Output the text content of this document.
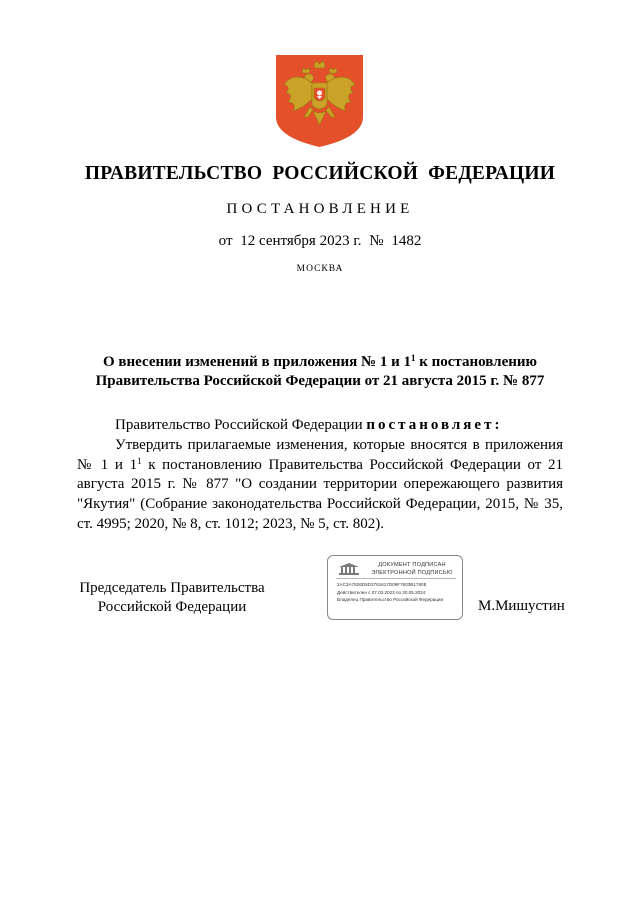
ПРАВИТЕЛЬСТВО РОССИЙСКОЙ ФЕДЕРАЦИИ
ПОСТАНОВЛЕНИЕ
от 12 сентября 2023 г. № 1482
МОСКВА
О внесении изменений в приложения № 1 и $1^1$ к постановлению
Правительства Российской Федерации от 21 августа 2015 г. № 877

Правительство Российской Федерации постановляет:

Утвердить прилагаемые изменения, которые вносятся в приложения № 1 и $1^1$ к постановлению Правительства Российской Федерации от 21 августа 2015 г. № 877 "О создании территории опережающего развития "Якутия" (Собрание законодательства Российской Федерации, 2015, № 35, ст. 4995; 2020, № 8, ст. 1012; 2023, № 5, ст. 802).

Председатель Правительства
Российской Федерации
ДОКУМЕНТ ПОДПИСАН
ЭЛЕКТРОННОЙ ПОДПИСЬЮ
2AC3A7826D5D3761617D09F7603B1780E
Действителен с 07.03.2023 по 30.05.2024
Владелец Правительство Российской Федерации	М.Мишустин
